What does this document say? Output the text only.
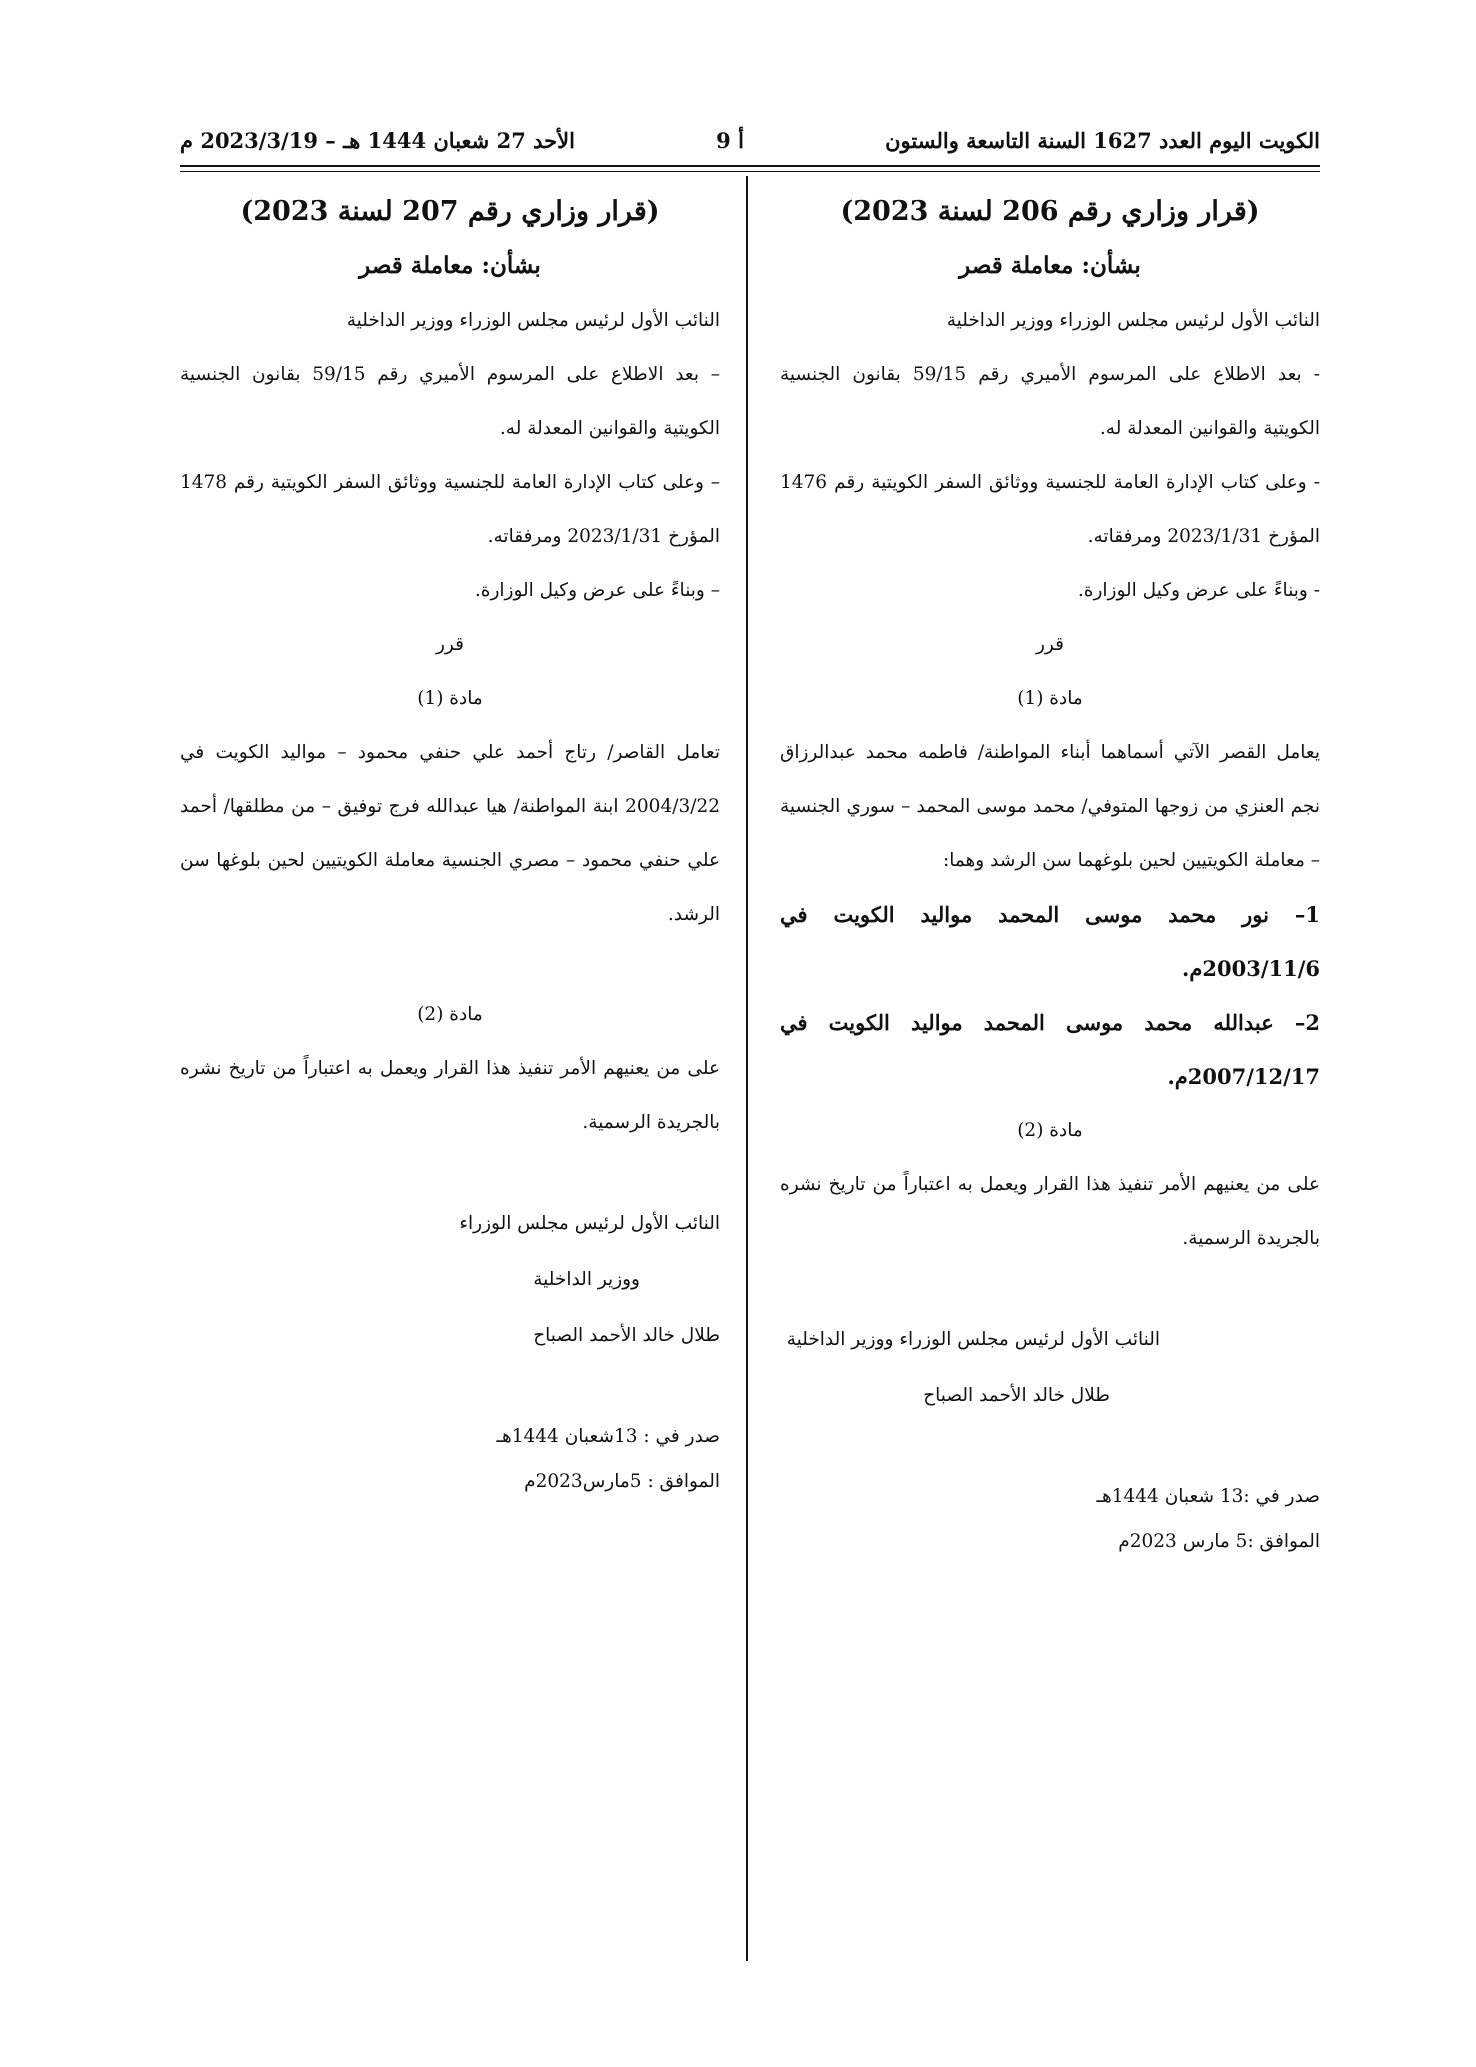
الأحد 27 شعبان 1444 هـ – 2023/3/19 م	أ 9	الكويت اليوم العدد 1627 السنة التاسعة والستون
(قرار وزاري رقم 206 لسنة 2023)
بشأن: معاملة قصر

النائب الأول لرئيس مجلس الوزراء ووزير الداخلية

- بعد الاطلاع على المرسوم الأميري رقم 59/15 بقانون الجنسية الكويتية والقوانين المعدلة له.

- وعلى كتاب الإدارة العامة للجنسية ووثائق السفر الكويتية رقم 1476 المؤرخ 2023/1/31 ومرفقاته.

- وبناءً على عرض وكيل الوزارة.

قرر

مادة (1)

يعامل القصر الآتي أسماهما أبناء المواطنة/ فاطمه محمد عبدالرزاق نجم العنزي من زوجها المتوفي/ محمد موسى المحمد – سوري الجنسية – معاملة الكويتيين لحين بلوغهما سن الرشد وهما:

1– نور محمد موسى المحمد مواليد الكويت في 2003/11/6م.

2– عبدالله محمد موسى المحمد مواليد الكويت في 2007/12/17م.

مادة (2)

على من يعنيهم الأمر تنفيذ هذا القرار ويعمل به اعتباراً من تاريخ نشره بالجريدة الرسمية.

النائب الأول لرئيس مجلس الوزراء ووزير الداخلية
طلال خالد الأحمد الصباح

صدر في :13 شعبان 1444هـ

الموافق :5 مارس 2023م

(قرار وزاري رقم 207 لسنة 2023)
بشأن: معاملة قصر

النائب الأول لرئيس مجلس الوزراء ووزير الداخلية

– بعد الاطلاع على المرسوم الأميري رقم 59/15 بقانون الجنسية الكويتية والقوانين المعدلة له.

– وعلى كتاب الإدارة العامة للجنسية ووثائق السفر الكويتية رقم 1478 المؤرخ 2023/1/31 ومرفقاته.

– وبناءً على عرض وكيل الوزارة.

قرر

مادة (1)

تعامل القاصر/ رتاج أحمد علي حنفي محمود – مواليد الكويت في 2004/3/22 ابنة المواطنة/ هيا عبدالله فرج توفيق – من مطلقها/ أحمد علي حنفي محمود – مصري الجنسية معاملة الكويتيين لحين بلوغها سن الرشد.

مادة (2)

على من يعنيهم الأمر تنفيذ هذا القرار ويعمل به اعتباراً من تاريخ نشره بالجريدة الرسمية.

النائب الأول لرئيس مجلس الوزراء
ووزير الداخلية
طلال خالد الأحمد الصباح

صدر في : 13شعبان 1444هـ

الموافق : 5مارس2023م
